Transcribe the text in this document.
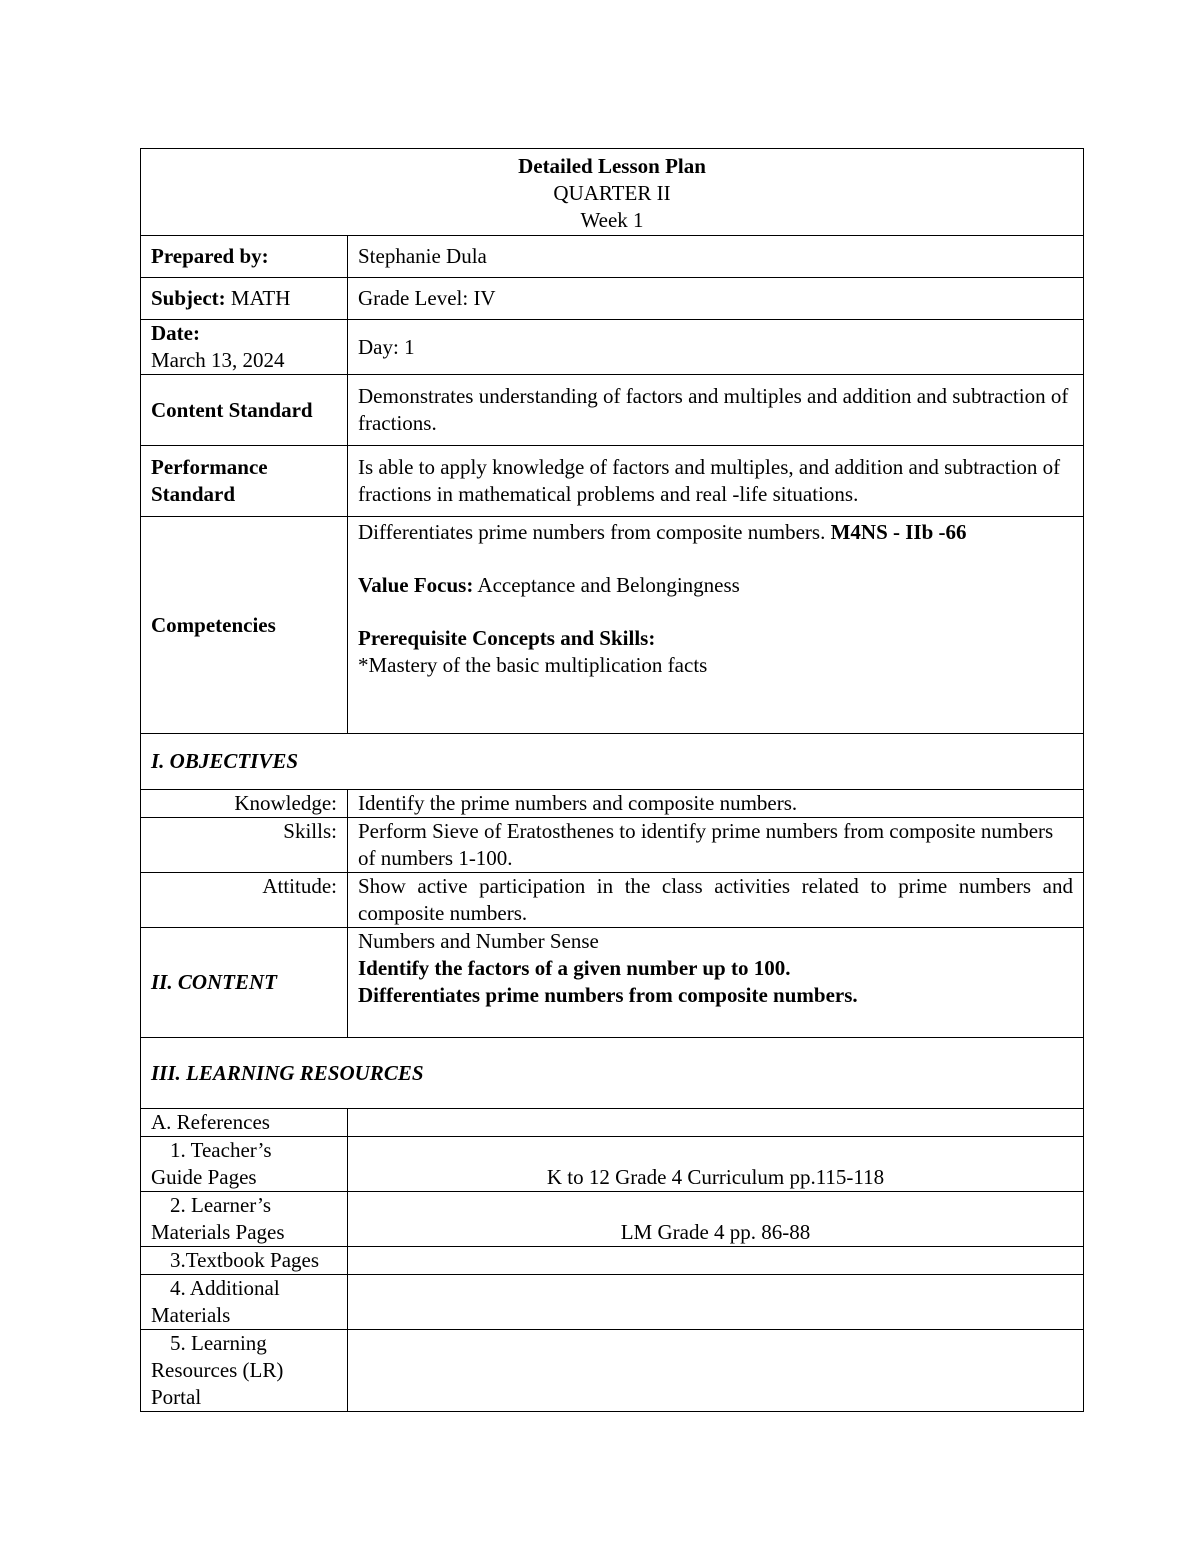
Detailed Lesson Plan
QUARTER II
Week 1	

Prepared by:	Stephanie Dula
Subject: MATH	Grade Level: IV

Date:
March 13, 2024	Day: 1
Content Standard	Demonstrates understanding of factors and multiples and addition and subtraction of fractions.

Performance
Standard	Is able to apply knowledge of factors and multiples, and addition and subtraction of fractions in mathematical problems and real -life situations.
Competencies	Differentiates prime numbers from composite numbers. M4NS - IIb -66
Value Focus: Acceptance and Belongingness
Prerequisite Concepts and Skills:
*Mastery of the basic multiplication facts

I. OBJECTIVES	
Knowledge:	Identify the prime numbers and composite numbers.
Skills:	Perform Sieve of Eratosthenes to identify prime numbers from composite numbers of numbers 1-100.
Attitude:	Show active participation in the class activities related to prime numbers and composite numbers.
II. CONTENT	Numbers and Number Sense
Identify the factors of a given number up to 100.
Differentiates prime numbers from composite numbers.

III. LEARNING RESOURCES	
A. References	

1. Teacher’s
Guide Pages	K to 12 Grade 4 Curriculum pp.115-118

2. Learner’s
Materials Pages	LM Grade 4 pp. 86-88

3.Textbook Pages	

4. Additional
Materials	

5. Learning
Resources (LR)
Portal	
